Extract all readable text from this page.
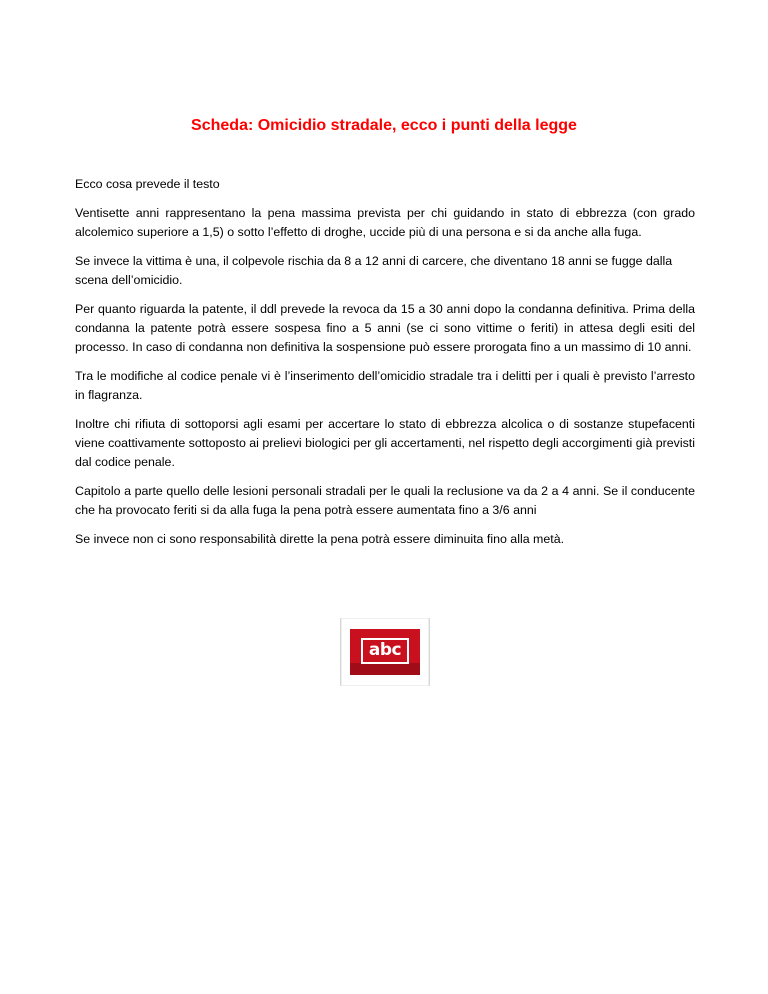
Scheda: Omicidio stradale, ecco i punti della legge

Ecco cosa prevede il testo

Ventisette anni rappresentano la pena massima prevista per chi guidando in stato di ebbrezza (con grado alcolemico superiore a 1,5) o sotto l’effetto di droghe, uccide più di una persona e si da anche alla fuga.

Se invece la vittima è una, il colpevole rischia da 8 a 12 anni di carcere, che diventano 18 anni se fugge dalla scena dell’omicidio.

Per quanto riguarda la patente, il ddl prevede la revoca da 15 a 30 anni dopo la condanna definitiva. Prima della condanna la patente potrà essere sospesa fino a 5 anni (se ci sono vittime o feriti) in attesa degli esiti del processo. In caso di condanna non definitiva la sospensione può essere prorogata fino a un massimo di 10 anni.

Tra le modifiche al codice penale vi è l’inserimento dell’omicidio stradale tra i delitti per i quali è previsto l’arresto in flagranza.

Inoltre chi rifiuta di sottoporsi agli esami per accertare lo stato di ebbrezza alcolica o di sostanze stupefacenti viene coattivamente sottoposto ai prelievi biologici per gli accertamenti, nel rispetto degli accorgimenti già previsti dal codice penale.

Capitolo a parte quello delle lesioni personali stradali per le quali la reclusione va da 2 a 4 anni. Se il conducente che ha provocato feriti si da alla fuga la pena potrà essere aumentata fino a 3/6 anni

Se invece non ci sono responsabilità dirette la pena potrà essere diminuita fino alla metà.

abc
